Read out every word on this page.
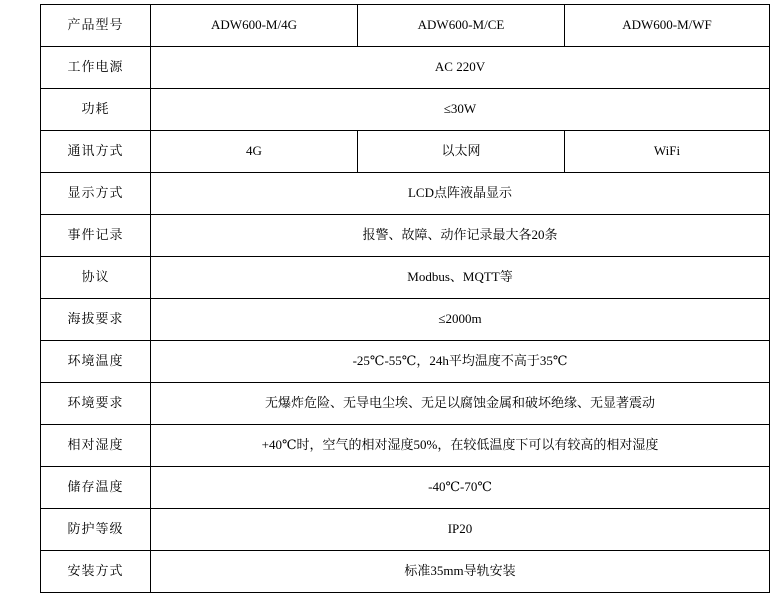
产品型号	ADW600-M/4G	ADW600-M/CE	ADW600-M/WF
工作电源	AC 220V		
功耗	≤30W		
通讯方式	4G	以太网	WiFi
显示方式	LCD点阵液晶显示		
事件记录	报警、故障、动作记录最大各20条		
协议	Modbus、MQTT等		
海拔要求	≤2000m		
环境温度	-25℃-55℃，24h平均温度不高于35℃		
环境要求	无爆炸危险、无导电尘埃、无足以腐蚀金属和破坏绝缘、无显著震动		
相对湿度	+40℃时，空气的相对湿度50%，在较低温度下可以有较高的相对湿度		
储存温度	-40℃-70℃		
防护等级	IP20		
安装方式	标准35mm导轨安装		
